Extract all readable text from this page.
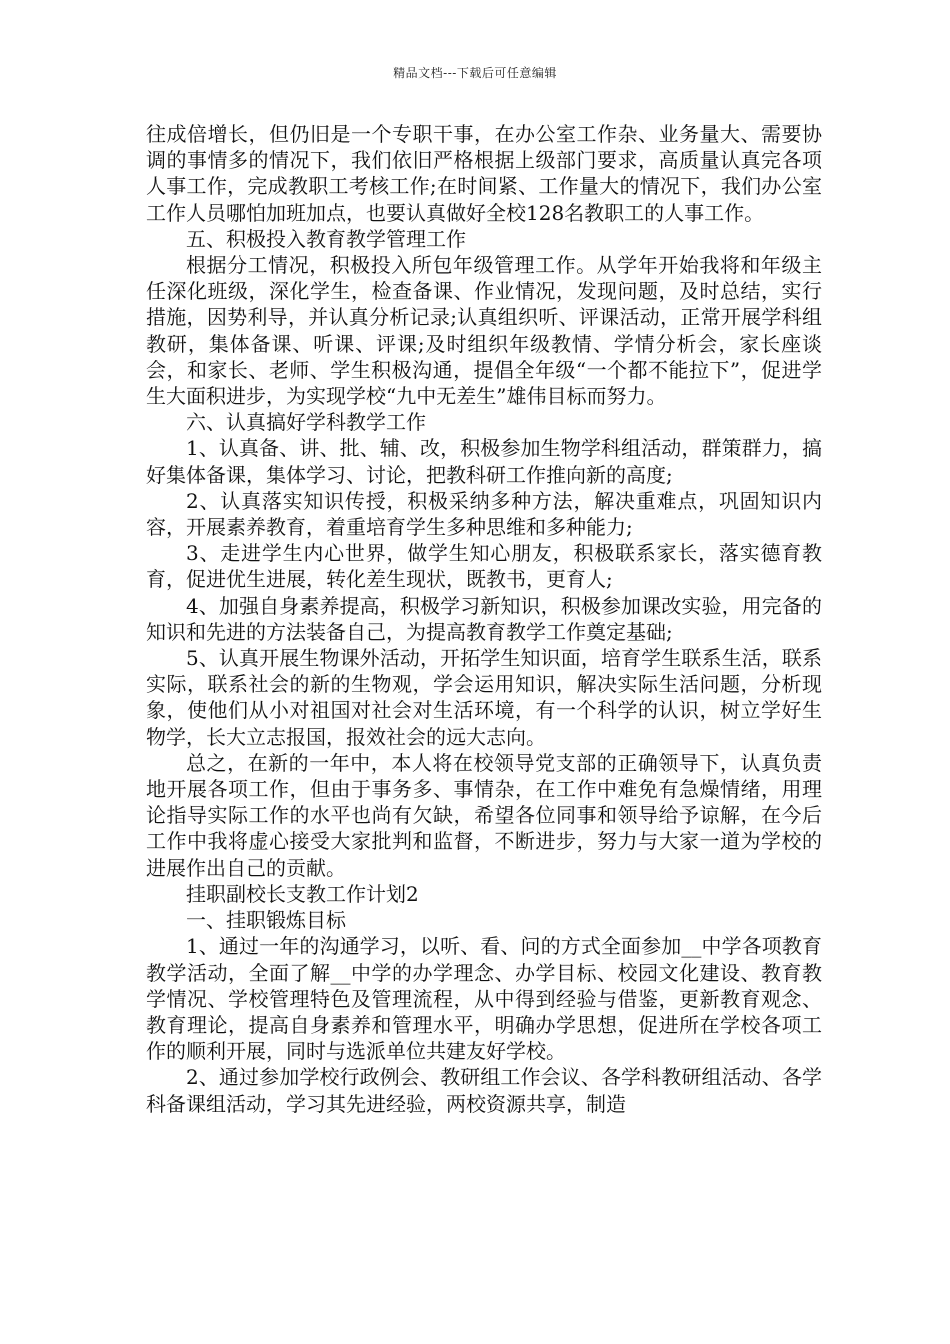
精品文档---下载后可任意编辑

往成倍增长，但仍旧是一个专职干事，在办公室工作杂、业务量大、需要协调的事情多的情况下，我们依旧严格根据上级部门要求，高质量认真完各项人事工作，完成教职工考核工作;在时间紧、工作量大的情况下，我们办公室工作人员哪怕加班加点，也要认真做好全校128名教职工的人事工作。

五、积极投入教育教学管理工作

根据分工情况，积极投入所包年级管理工作。从学年开始我将和年级主任深化班级，深化学生，检查备课、作业情况，发现问题，及时总结，实行措施，因势利导，并认真分析记录;认真组织听、评课活动，正常开展学科组教研，集体备课、听课、评课;及时组织年级教情、学情分析会，家长座谈会，和家长、老师、学生积极沟通，提倡全年级“一个都不能拉下”，促进学生大面积进步，为实现学校“九中无差生”雄伟目标而努力。

六、认真搞好学科教学工作

1、认真备、讲、批、辅、改，积极参加生物学科组活动，群策群力，搞好集体备课，集体学习、讨论，把教科研工作推向新的高度;

2、认真落实知识传授，积极采纳多种方法，解决重难点，巩固知识内容，开展素养教育，着重培育学生多种思维和多种能力;

3、走进学生内心世界，做学生知心朋友，积极联系家长，落实德育教育，促进优生进展，转化差生现状，既教书，更育人;

4、加强自身素养提高，积极学习新知识，积极参加课改实验，用完备的知识和先进的方法装备自己，为提高教育教学工作奠定基础;

5、认真开展生物课外活动，开拓学生知识面，培育学生联系生活，联系实际，联系社会的新的生物观，学会运用知识，解决实际生活问题，分析现象，使他们从小对祖国对社会对生活环境，有一个科学的认识，树立学好生物学，长大立志报国，报效社会的远大志向。

总之，在新的一年中，本人将在校领导党支部的正确领导下，认真负责地开展各项工作，但由于事务多、事情杂，在工作中难免有急燥情绪，用理论指导实际工作的水平也尚有欠缺，希望各位同事和领导给予谅解，在今后工作中我将虚心接受大家批判和监督，不断进步，努力与大家一道为学校的进展作出自己的贡献。

挂职副校长支教工作计划2

一、挂职锻炼目标

1、通过一年的沟通学习，以听、看、问的方式全面参加__中学各项教育教学活动，全面了解__中学的办学理念、办学目标、校园文化建设、教育教学情况、学校管理特色及管理流程，从中得到经验与借鉴，更新教育观念、教育理论，提高自身素养和管理水平，明确办学思想，促进所在学校各项工作的顺利开展，同时与选派单位共建友好学校。

2、通过参加学校行政例会、教研组工作会议、各学科教研组活动、各学科备课组活动，学习其先进经验，两校资源共享，制造
